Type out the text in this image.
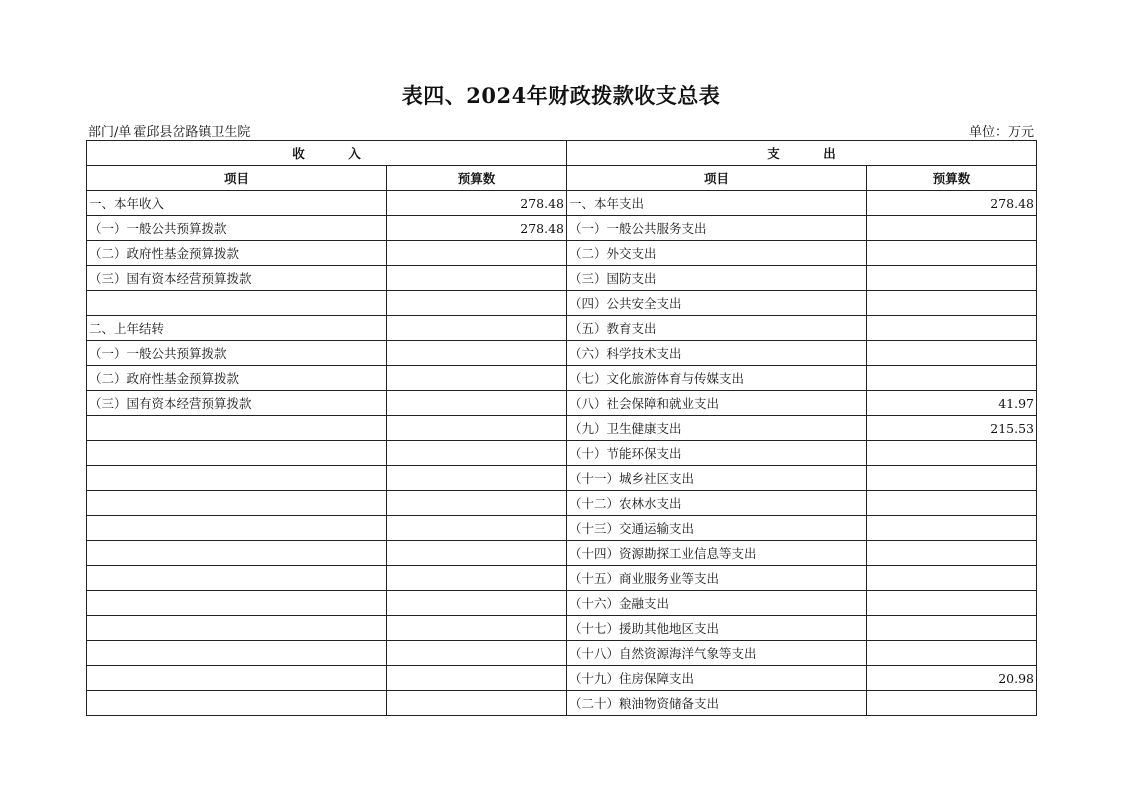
表四、2024年财政拨款收支总表
部门/单 霍邱县岔路镇卫生院	单位：万元
收          入		支          出	
项目	预算数	项目	预算数
一、本年收入	278.48	一、本年支出	278.48
（一）一般公共预算拨款	278.48	（一）一般公共服务支出	
（二）政府性基金预算拨款		（二）外交支出	
（三）国有资本经营预算拨款		（三）国防支出	
		（四）公共安全支出	
二、上年结转		（五）教育支出	
（一）一般公共预算拨款		（六）科学技术支出	
（二）政府性基金预算拨款		（七）文化旅游体育与传媒支出	
（三）国有资本经营预算拨款		（八）社会保障和就业支出	41.97
		（九）卫生健康支出	215.53
		（十）节能环保支出	
		（十一）城乡社区支出	
		（十二）农林水支出	
		（十三）交通运输支出	
		（十四）资源勘探工业信息等支出	
		（十五）商业服务业等支出	
		（十六）金融支出	
		（十七）援助其他地区支出	
		（十八）自然资源海洋气象等支出	
		（十九）住房保障支出	20.98
		（二十）粮油物资储备支出	
